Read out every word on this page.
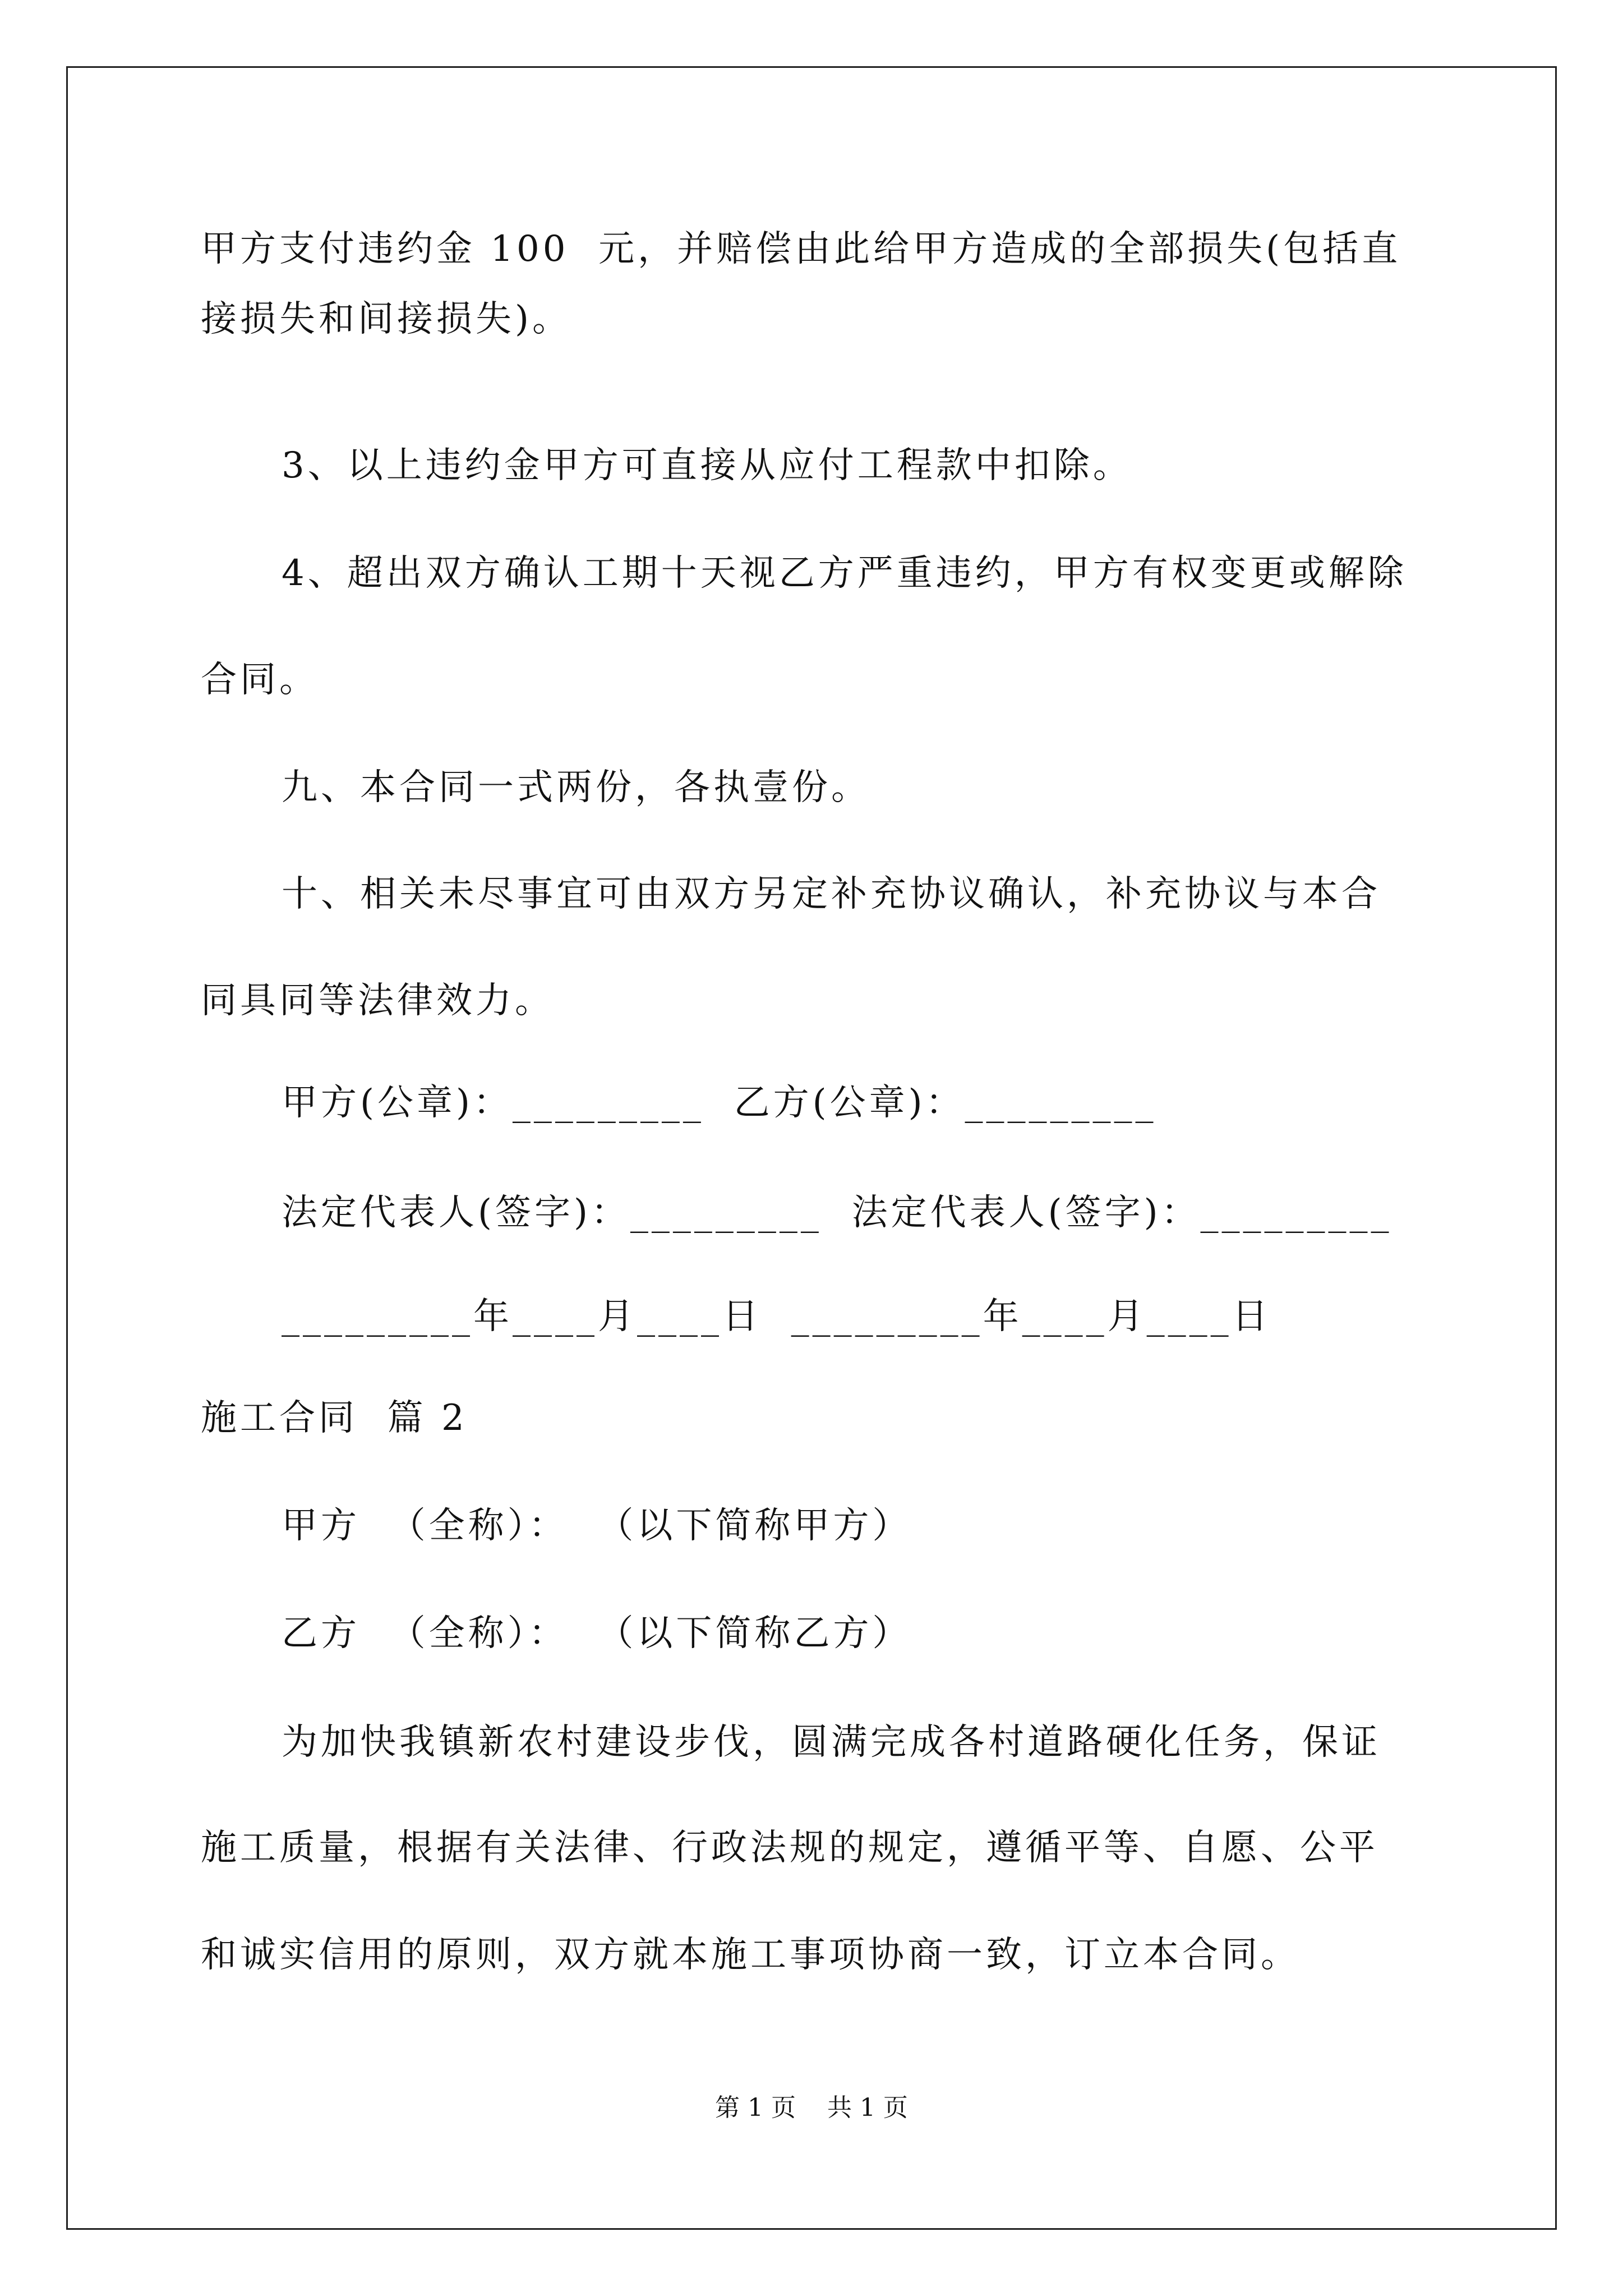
甲方支付违约金 100  元，并赔偿由此给甲方造成的全部损失(包括直
接损失和间接损失)。
3、以上违约金甲方可直接从应付工程款中扣除。
4、超出双方确认工期十天视乙方严重违约，甲方有权变更或解除
合同。
九、本合同一式两份，各执壹份。
十、相关未尽事宜可由双方另定补充协议确认，补充协议与本合
同具同等法律效力。
甲方(公章)：_________  乙方(公章)：_________
法定代表人(签字)：_________  法定代表人(签字)：_________
_________年____月____日  _________年____月____日
施工合同  篇 2
甲方  （全称）：  （以下简称甲方）
乙方  （全称）：  （以下简称乙方）
为加快我镇新农村建设步伐，圆满完成各村道路硬化任务，保证
施工质量，根据有关法律、行政法规的规定，遵循平等、自愿、公平
和诚实信用的原则，双方就本施工事项协商一致，订立本合同。
第 1 页    共 1 页
